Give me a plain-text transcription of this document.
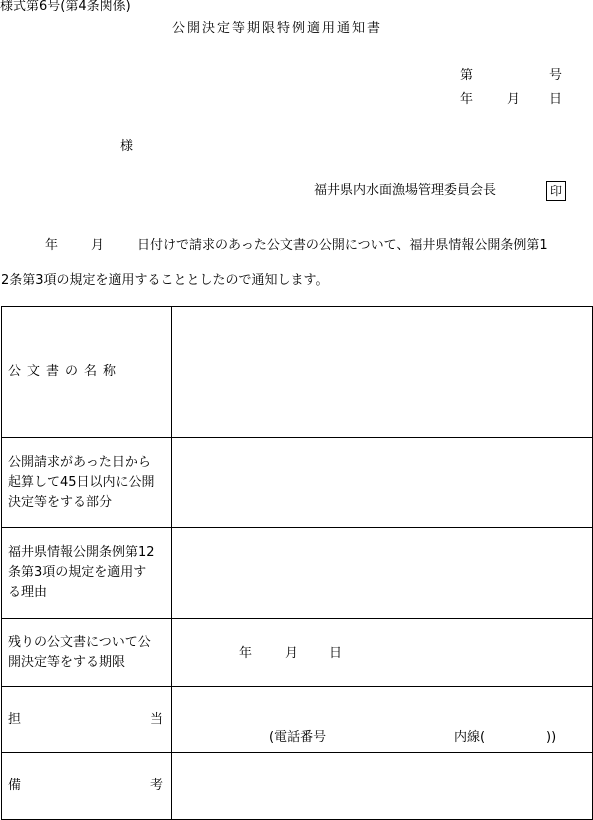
様式第6号(第4条関係)
公開決定等期限特例適用通知書
第	号
年	月 日
様
福井県内水面漁場管理委員会長	印
年	月	日付けで請求のあった公文書の公開について、福井県情報公開条例第1
2条第3項の規定を適用することとしたので通知します。
公文書の名称	

公開請求があった日から起算して45日以内に公開決定等をする部分	

福井県情報公開条例第12条第3項の規定を適用する理由	

残りの公文書について公開決定等をする期限	年 月 日

担 当	(電話番号 内線( ))

備 考	
